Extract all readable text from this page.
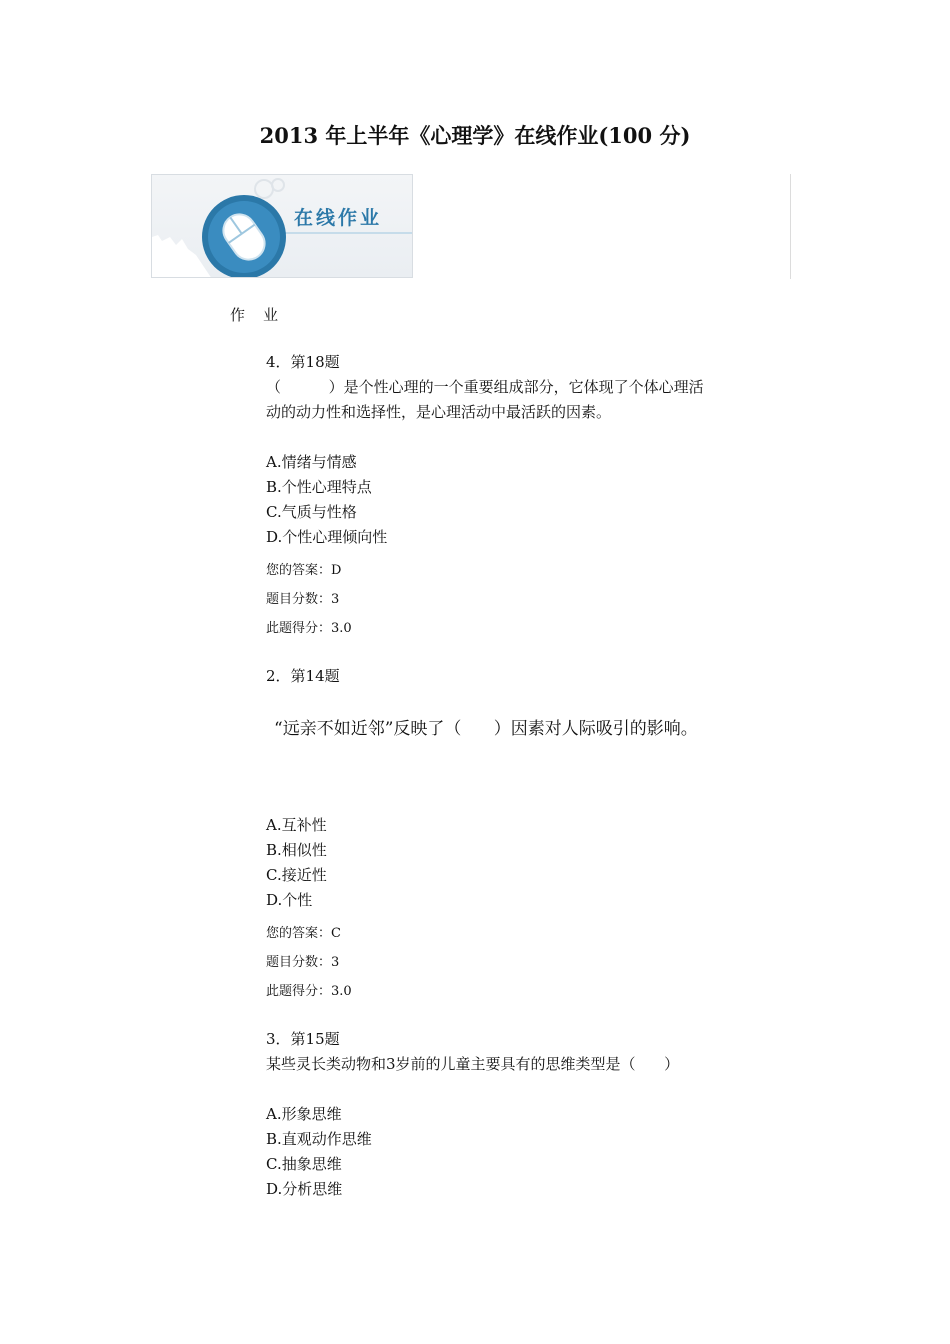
2013 年上半年《心理学》在线作业(100 分)
在线作业
作业
4．第18题
（          ）是个性心理的一个重要组成部分，它体现了个体心理活
动的动力性和选择性，是心理活动中最活跃的因素。
A.情绪与情感
B.个性心理特点
C.气质与性格
D.个性心理倾向性
您的答案：D
题目分数：3
此题得分：3.0
2．第14题
“远亲不如近邻”反映了（      ）因素对人际吸引的影响。
A.互补性
B.相似性
C.接近性
D.个性
您的答案：C
题目分数：3
此题得分：3.0
3．第15题
某些灵长类动物和3岁前的儿童主要具有的思维类型是（      ）
A.形象思维
B.直观动作思维
C.抽象思维
D.分析思维
